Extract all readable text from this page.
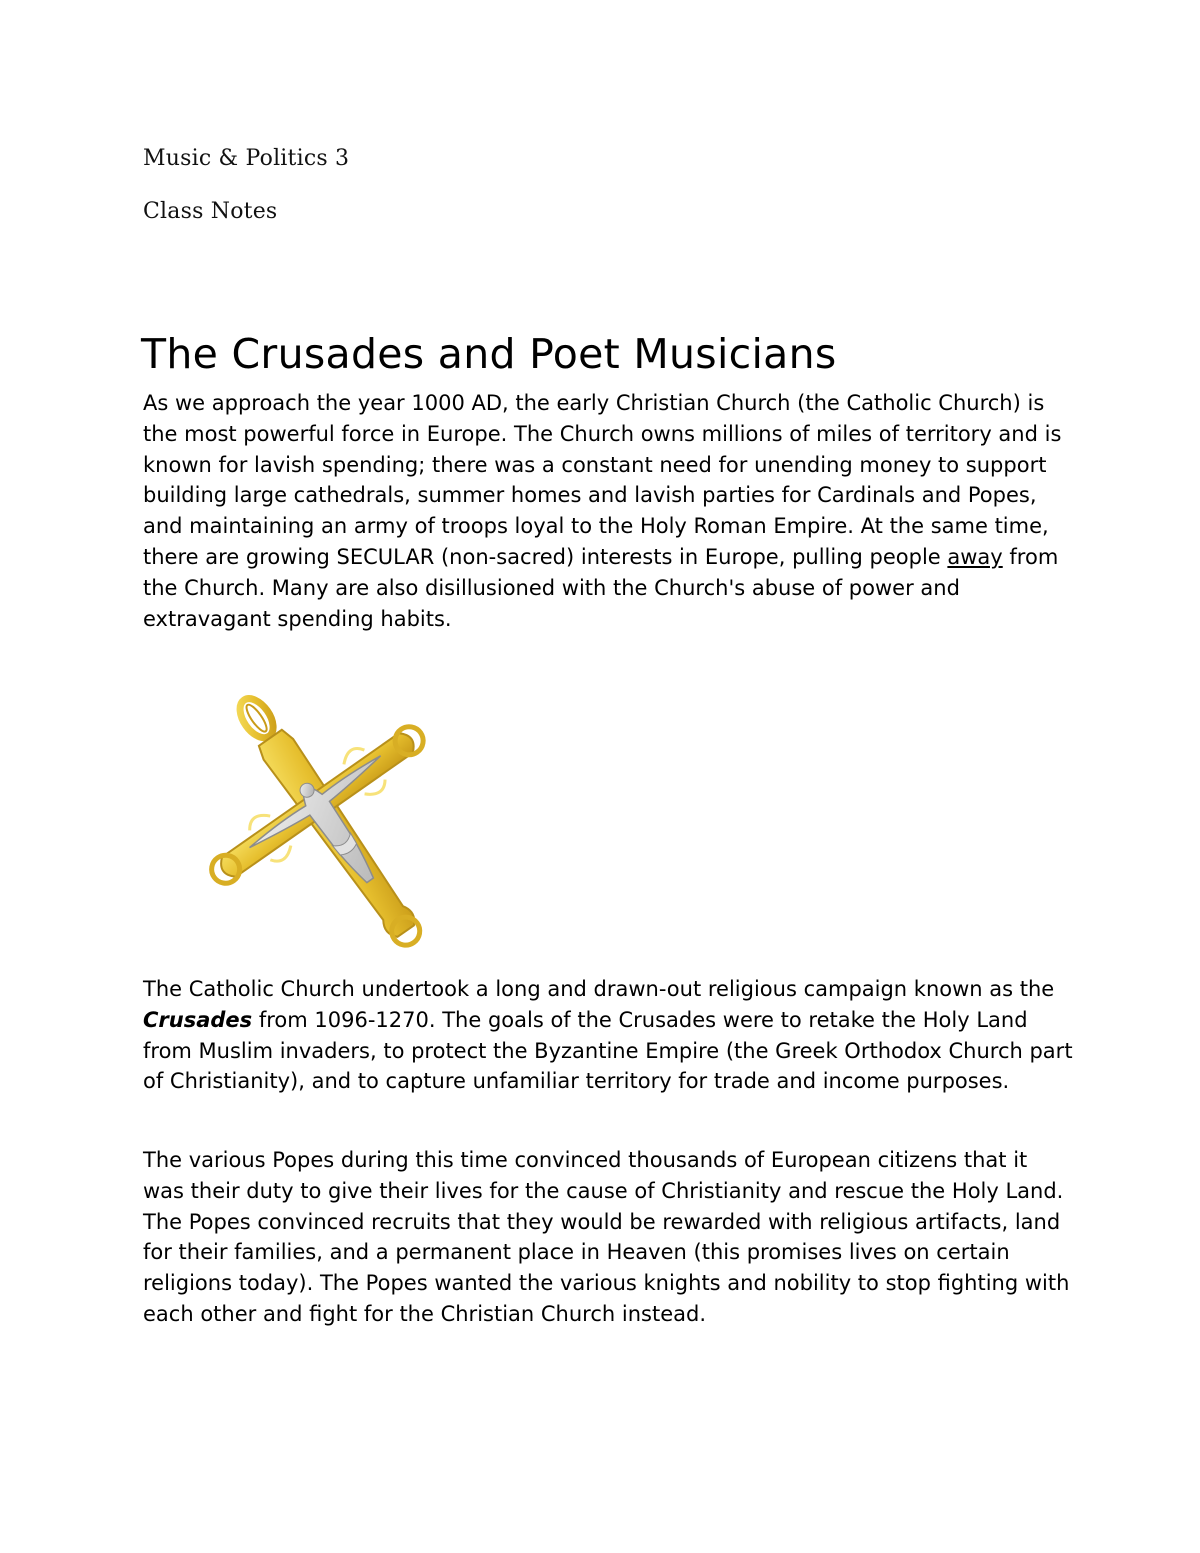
Music & Politics 3
Class Notes
The Crusades and Poet Musicians

As we approach the year 1000 AD, the early Christian Church (the Catholic Church) is the most powerful force in Europe. The Church owns millions of miles of territory and is known for lavish spending; there was a constant need for unending money to support building large cathedrals, summer homes and lavish parties for Cardinals and Popes, and maintaining an army of troops loyal to the Holy Roman Empire. At the same time, there are growing SECULAR (non-sacred) interests in Europe, pulling people away from the Church. Many are also disillusioned with the Church's abuse of power and extravagant spending habits.

The Catholic Church undertook a long and drawn-out religious campaign known as the Crusades from 1096-1270. The goals of the Crusades were to retake the Holy Land from Muslim invaders, to protect the Byzantine Empire (the Greek Orthodox Church part of Christianity), and to capture unfamiliar territory for trade and income purposes.

The various Popes during this time convinced thousands of European citizens that it was their duty to give their lives for the cause of Christianity and rescue the Holy Land. The Popes convinced recruits that they would be rewarded with religious artifacts, land for their families, and a permanent place in Heaven (this promises lives on certain religions today). The Popes wanted the various knights and nobility to stop fighting with each other and fight for the Christian Church instead.
